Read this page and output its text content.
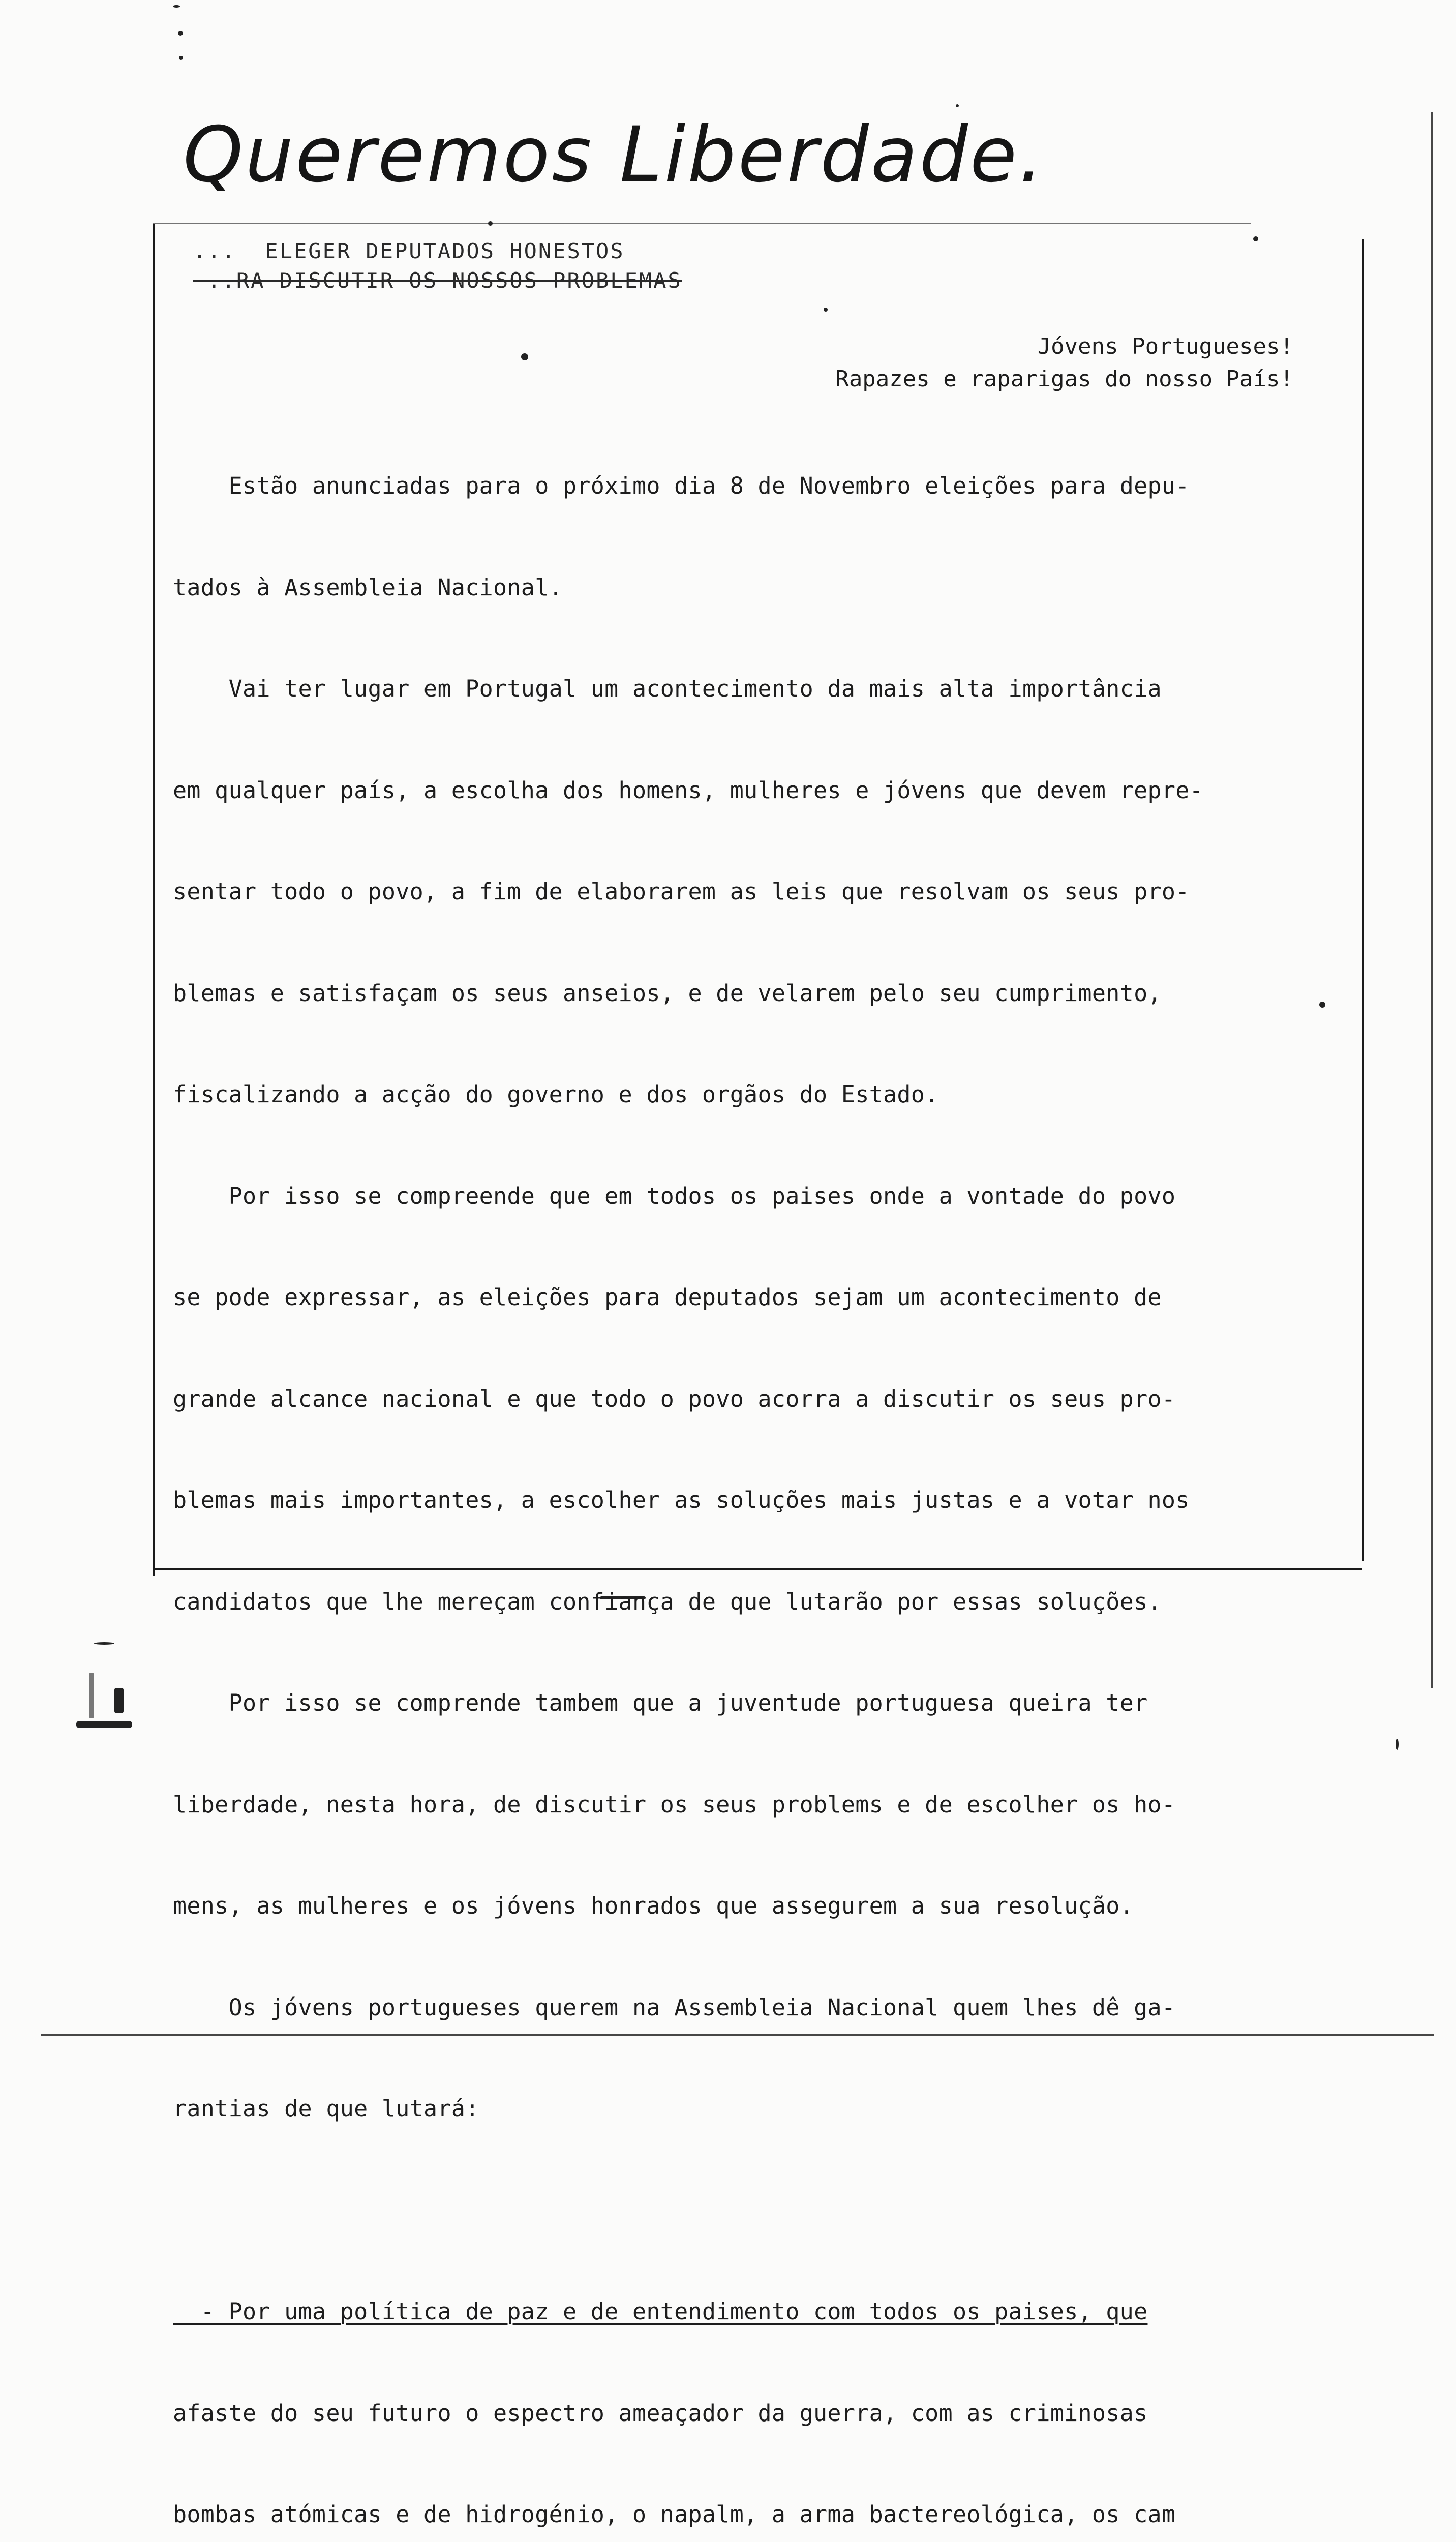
Queremos Liberdade.
...  ELEGER DEPUTADOS HONESTOS
..RA DISCUTIR OS NOSSOS PROBLEMAS
Jóvens Portugueses!
Rapazes e raparigas do nosso País!

Estão anunciadas para o próximo dia 8 de Novembro eleições para depu-

tados à Assembleia Nacional.

Vai ter lugar em Portugal um acontecimento da mais alta importância

em qualquer país, a escolha dos homens, mulheres e jóvens que devem repre-

sentar todo o povo, a fim de elaborarem as leis que resolvam os seus pro-

blemas e satisfaçam os seus anseios, e de velarem pelo seu cumprimento,

fiscalizando a acção do governo e dos orgãos do Estado.

Por isso se compreende que em todos os paises onde a vontade do povo

se pode expressar, as eleições para deputados sejam um acontecimento de

grande alcance nacional e que todo o povo acorra a discutir os seus pro-

blemas mais importantes, a escolher as soluções mais justas e a votar nos

candidatos que lhe mereçam confiança de que lutarão por essas soluções.

Por isso se comprende tambem que a juventude portuguesa queira ter

liberdade, nesta hora, de discutir os seus problems e de escolher os ho-

mens, as mulheres e os jóvens honrados que assegurem a sua resolução.

Os jóvens portugueses querem na Assembleia Nacional quem lhes dê ga-

rantias de que lutará:

- Por uma política de paz e de entendimento com todos os paises, que

afaste do seu futuro o espectro ameaçador da guerra, com as criminosas

bombas atómicas e de hidrogénio, o napalm, a arma bactereológica, os cam
